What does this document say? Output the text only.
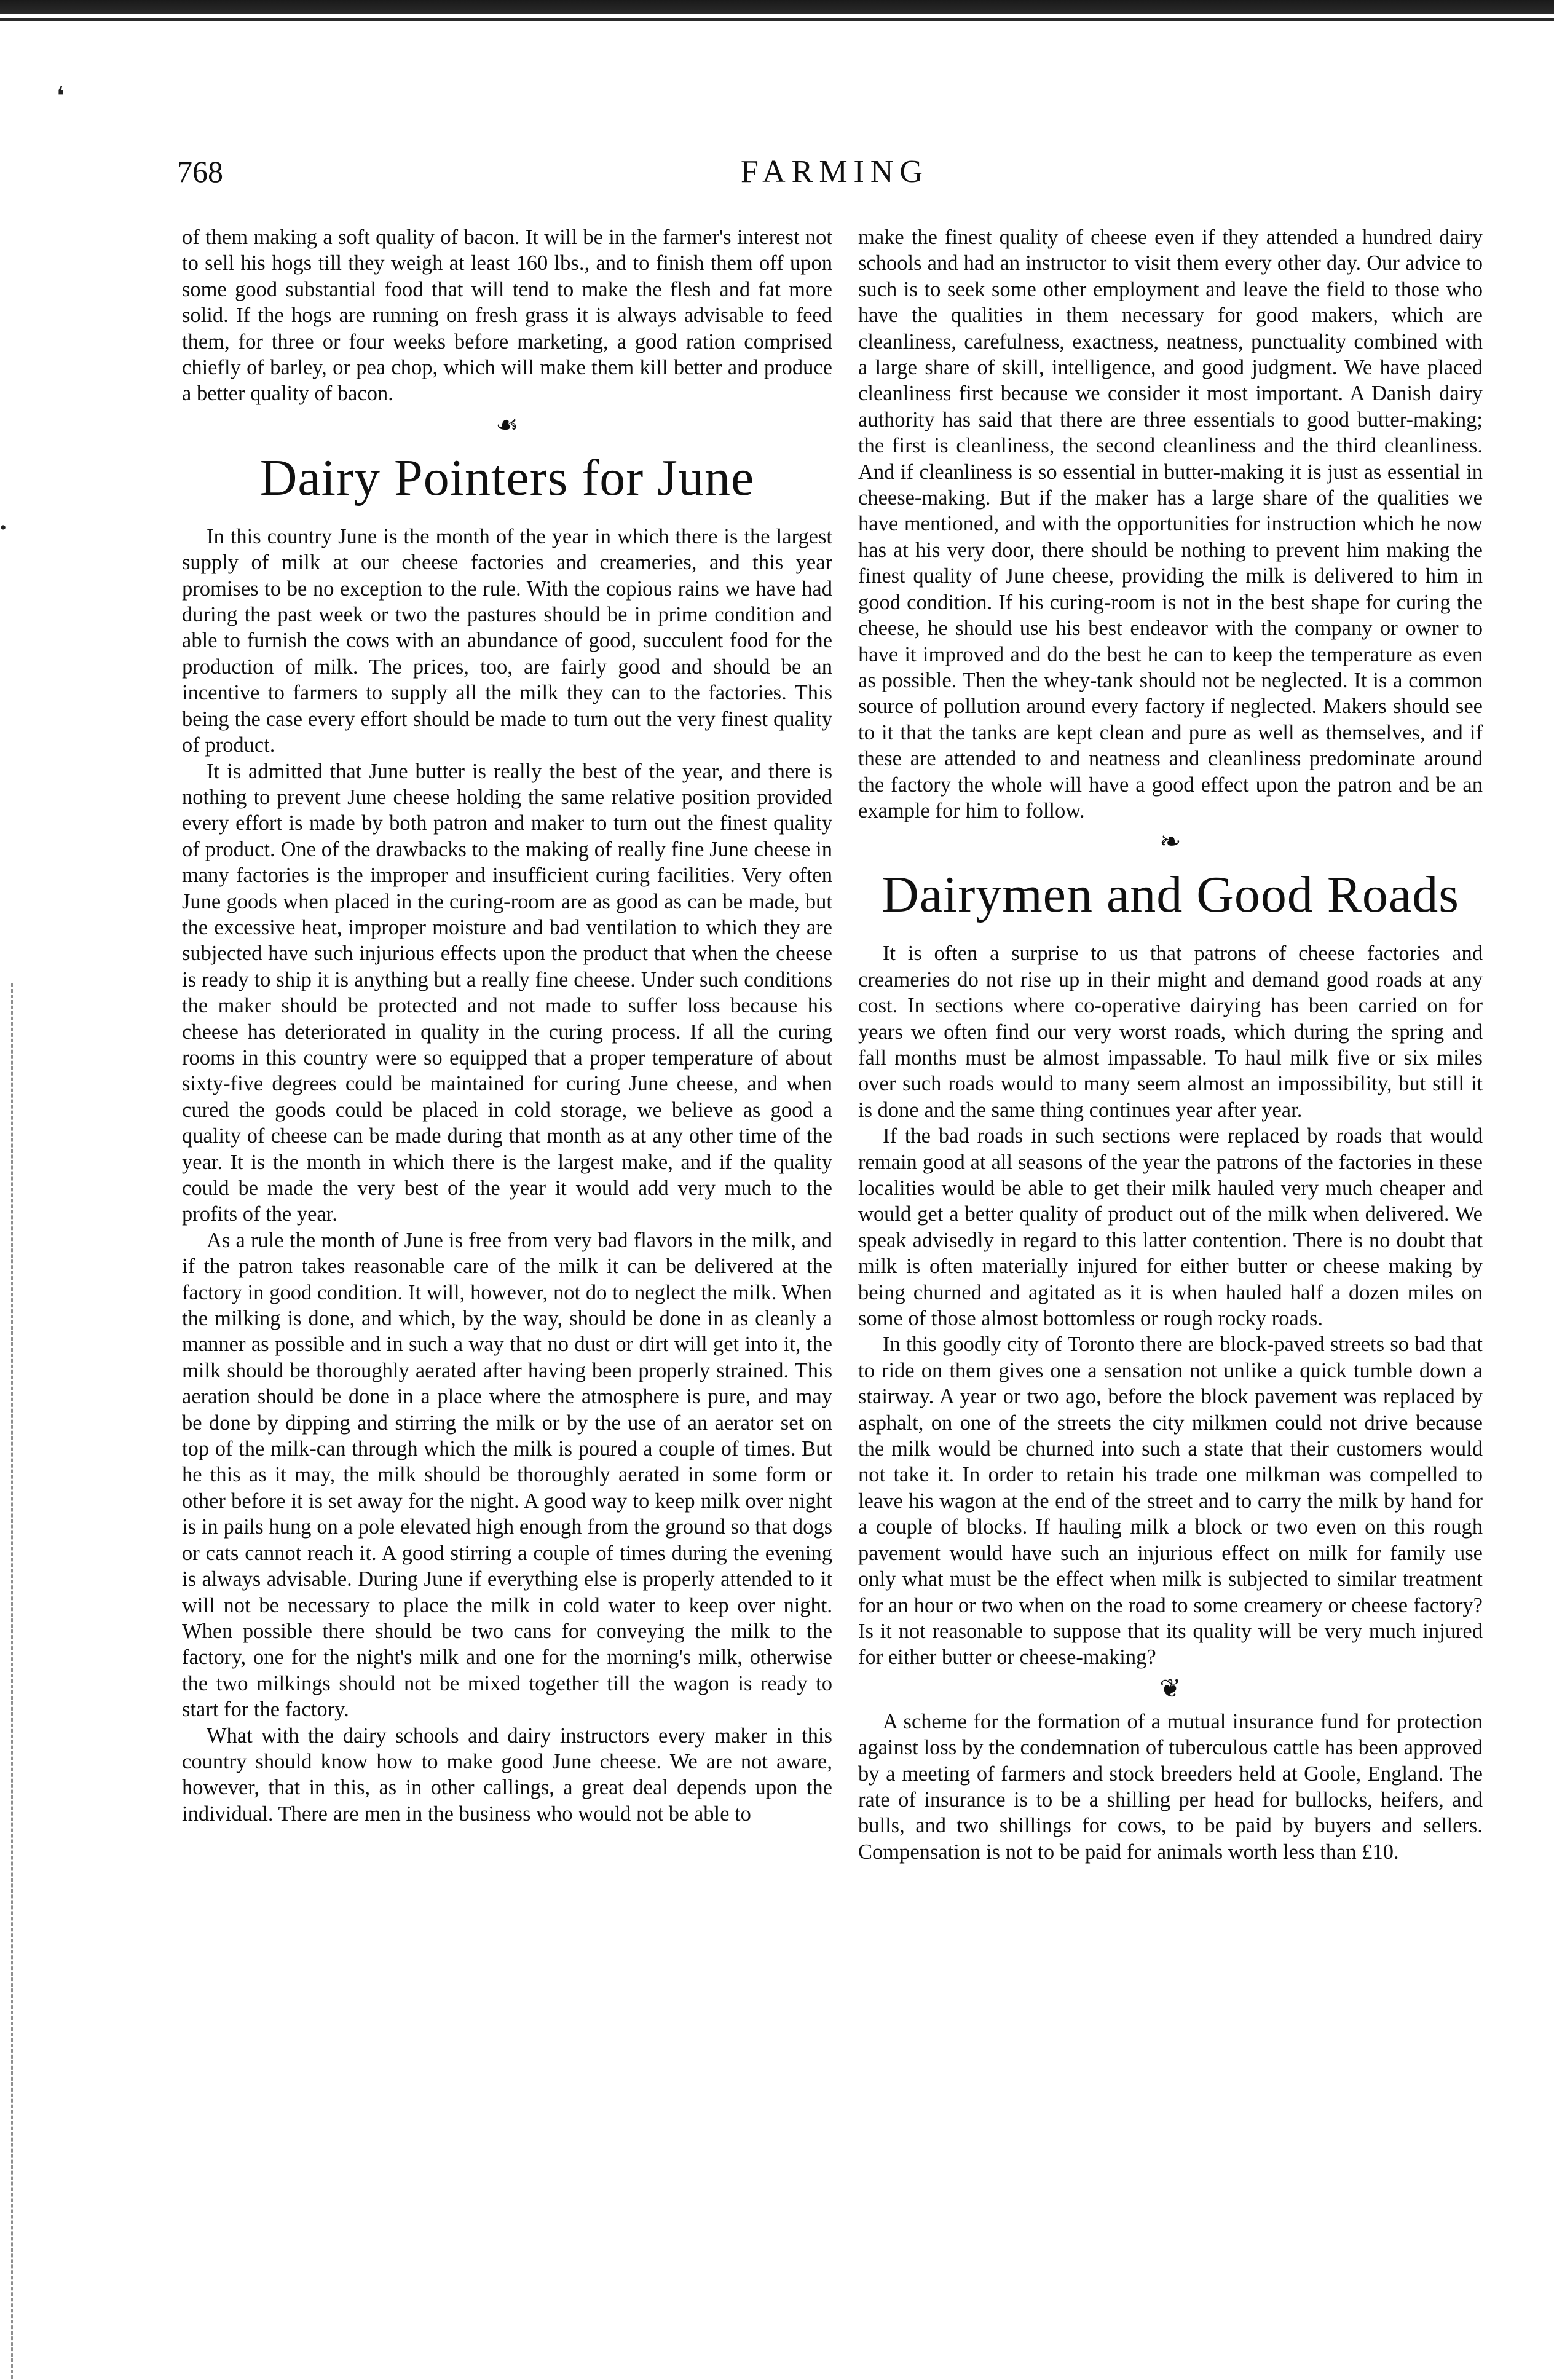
❛
•
768	FARMING

of them making a soft quality of bacon. It will be in the farmer's interest not to sell his hogs till they weigh at least 160 lbs., and to finish them off upon some good substantial food that will tend to make the flesh and fat more solid. If the hogs are running on fresh grass it is always advisable to feed them, for three or four weeks before marketing, a good ration comprised chiefly of barley, or pea chop, which will make them kill better and produce a better quality of bacon.

☙
Dairy Pointers for June

In this country June is the month of the year in which there is the largest supply of milk at our cheese factories and creameries, and this year promises to be no exception to the rule. With the copious rains we have had during the past week or two the pastures should be in prime condition and able to furnish the cows with an abundance of good, succulent food for the production of milk. The prices, too, are fairly good and should be an incentive to farmers to supply all the milk they can to the factories. This being the case every effort should be made to turn out the very finest quality of product.

It is admitted that June butter is really the best of the year, and there is nothing to prevent June cheese holding the same relative position provided every effort is made by both patron and maker to turn out the finest quality of product. One of the drawbacks to the making of really fine June cheese in many factories is the improper and insufficient curing facilities. Very often June goods when placed in the curing-room are as good as can be made, but the excessive heat, improper moisture and bad ventilation to which they are subjected have such injurious effects upon the product that when the cheese is ready to ship it is anything but a really fine cheese. Under such conditions the maker should be protected and not made to suffer loss because his cheese has deteriorated in quality in the curing process. If all the curing rooms in this country were so equipped that a proper temperature of about sixty-five degrees could be maintained for curing June cheese, and when cured the goods could be placed in cold storage, we believe as good a quality of cheese can be made during that month as at any other time of the year. It is the month in which there is the largest make, and if the quality could be made the very best of the year it would add very much to the profits of the year.

As a rule the month of June is free from very bad flavors in the milk, and if the patron takes reasonable care of the milk it can be delivered at the factory in good condition. It will, however, not do to neglect the milk. When the milking is done, and which, by the way, should be done in as cleanly a manner as possible and in such a way that no dust or dirt will get into it, the milk should be thoroughly aerated after having been properly strained. This aeration should be done in a place where the atmosphere is pure, and may be done by dipping and stirring the milk or by the use of an aerator set on top of the milk-can through which the milk is poured a couple of times. But he this as it may, the milk should be thoroughly aerated in some form or other before it is set away for the night. A good way to keep milk over night is in pails hung on a pole elevated high enough from the ground so that dogs or cats cannot reach it. A good stirring a couple of times during the evening is always advisable. During June if everything else is properly attended to it will not be necessary to place the milk in cold water to keep over night. When possible there should be two cans for conveying the milk to the factory, one for the night's milk and one for the morning's milk, otherwise the two milkings should not be mixed together till the wagon is ready to start for the factory.

What with the dairy schools and dairy instructors every maker in this country should know how to make good June cheese. We are not aware, however, that in this, as in other callings, a great deal depends upon the individual. There are men in the business who would not be able to

make the finest quality of cheese even if they attended a hundred dairy schools and had an instructor to visit them every other day. Our advice to such is to seek some other employment and leave the field to those who have the qualities in them necessary for good makers, which are cleanliness, carefulness, exactness, neatness, punctuality combined with a large share of skill, intelligence, and good judgment. We have placed cleanliness first because we consider it most important. A Danish dairy authority has said that there are three essentials to good butter-making; the first is cleanliness, the second cleanliness and the third cleanliness. And if cleanliness is so essential in butter-making it is just as essential in cheese-making. But if the maker has a large share of the qualities we have mentioned, and with the opportunities for instruction which he now has at his very door, there should be nothing to prevent him making the finest quality of June cheese, providing the milk is delivered to him in good condition. If his curing-room is not in the best shape for curing the cheese, he should use his best endeavor with the company or owner to have it improved and do the best he can to keep the temperature as even as possible. Then the whey-tank should not be neglected. It is a common source of pollution around every factory if neglected. Makers should see to it that the tanks are kept clean and pure as well as themselves, and if these are attended to and neatness and cleanliness predominate around the factory the whole will have a good effect upon the patron and be an example for him to follow.

❧
Dairymen and Good Roads

It is often a surprise to us that patrons of cheese factories and creameries do not rise up in their might and demand good roads at any cost. In sections where co-operative dairying has been carried on for years we often find our very worst roads, which during the spring and fall months must be almost impassable. To haul milk five or six miles over such roads would to many seem almost an impossibility, but still it is done and the same thing continues year after year.

If the bad roads in such sections were replaced by roads that would remain good at all seasons of the year the patrons of the factories in these localities would be able to get their milk hauled very much cheaper and would get a better quality of product out of the milk when delivered. We speak advisedly in regard to this latter contention. There is no doubt that milk is often materially injured for either butter or cheese making by being churned and agitated as it is when hauled half a dozen miles on some of those almost bottomless or rough rocky roads.

In this goodly city of Toronto there are block-paved streets so bad that to ride on them gives one a sensation not unlike a quick tumble down a stairway. A year or two ago, before the block pavement was replaced by asphalt, on one of the streets the city milkmen could not drive because the milk would be churned into such a state that their customers would not take it. In order to retain his trade one milkman was compelled to leave his wagon at the end of the street and to carry the milk by hand for a couple of blocks. If hauling milk a block or two even on this rough pavement would have such an injurious effect on milk for family use only what must be the effect when milk is subjected to similar treatment for an hour or two when on the road to some creamery or cheese factory? Is it not reasonable to suppose that its quality will be very much injured for either butter or cheese-making?

❦

A scheme for the formation of a mutual insurance fund for protection against loss by the condemnation of tuberculous cattle has been approved by a meeting of farmers and stock breeders held at Goole, England. The rate of insurance is to be a shilling per head for bullocks, heifers, and bulls, and two shillings for cows, to be paid by buyers and sellers. Compensation is not to be paid for animals worth less than £10.
